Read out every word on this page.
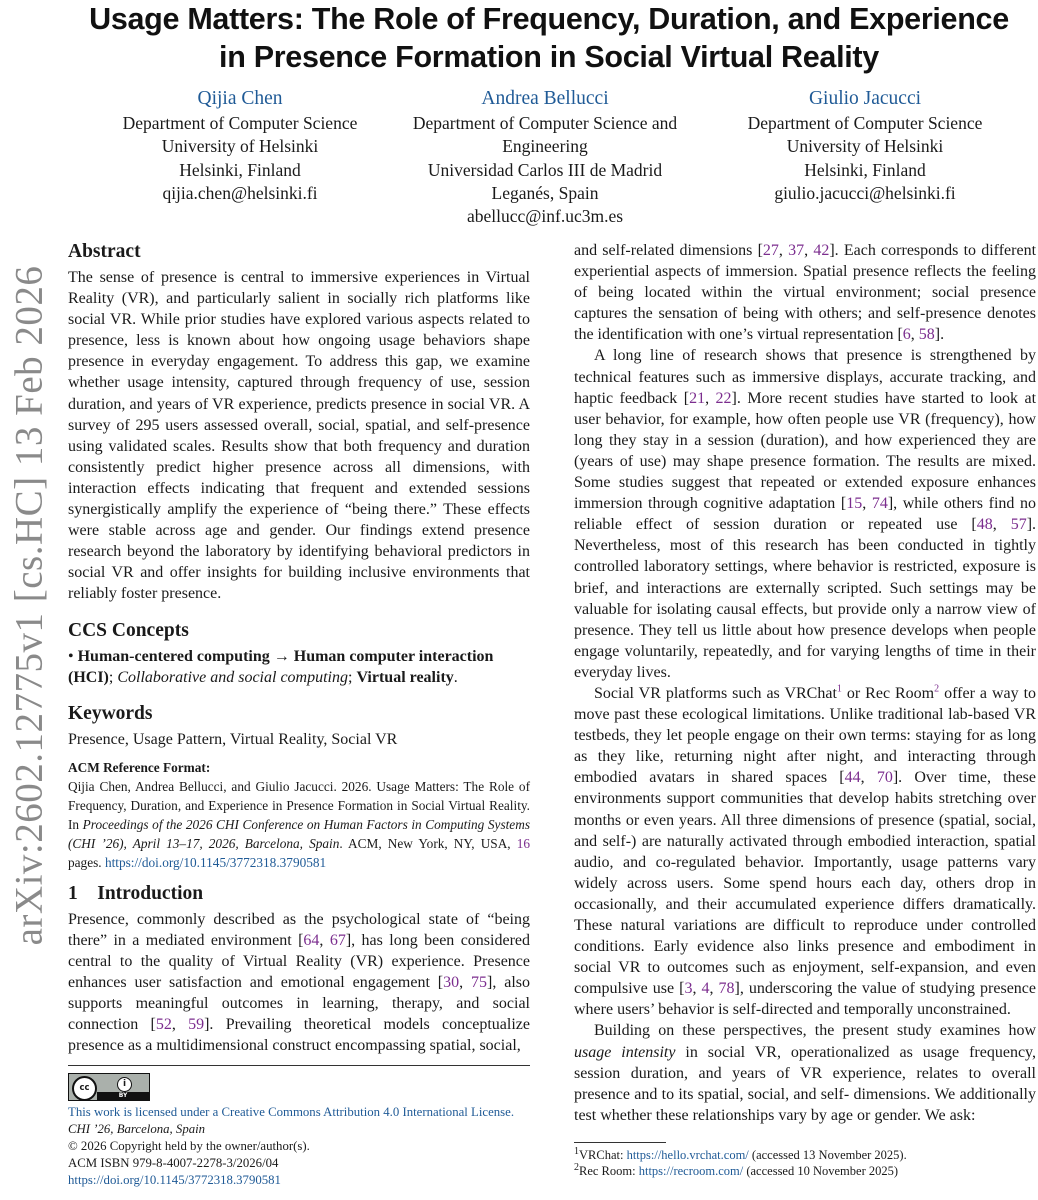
arXiv:2602.12775v1 [cs.HC] 13 Feb 2026
Usage Matters: The Role of Frequency, Duration, and Experience
in Presence Formation in Social Virtual Reality
Qijia Chen
Department of Computer Science
University of Helsinki
Helsinki, Finland
qijia.chen@helsinki.fi
Andrea Bellucci
Department of Computer Science and
Engineering
Universidad Carlos III de Madrid
Leganés, Spain
abellucc@inf.uc3m.es
Giulio Jacucci
Department of Computer Science
University of Helsinki
Helsinki, Finland
giulio.jacucci@helsinki.fi
Abstract

The sense of presence is central to immersive experiences in Virtual Reality (VR), and particularly salient in socially rich platforms like social VR. While prior studies have explored various aspects related to presence, less is known about how ongoing usage behaviors shape presence in everyday engagement. To address this gap, we examine whether usage intensity, captured through frequency of use, session duration, and years of VR experience, predicts presence in social VR. A survey of 295 users assessed overall, social, spatial, and self-presence using validated scales. Results show that both frequency and duration consistently predict higher presence across all dimensions, with interaction effects indicating that frequent and extended sessions synergistically amplify the experience of “being there.” These effects were stable across age and gender. Our findings extend presence research beyond the laboratory by identifying behavioral predictors in social VR and offer insights for building inclusive environments that reliably foster presence.

CCS Concepts

• Human-centered computing → Human computer interaction (HCI); Collaborative and social computing; Virtual reality.

Keywords

Presence, Usage Pattern, Virtual Reality, Social VR

ACM Reference Format:

Qijia Chen, Andrea Bellucci, and Giulio Jacucci. 2026. Usage Matters: The Role of Frequency, Duration, and Experience in Presence Formation in Social Virtual Reality. In Proceedings of the 2026 CHI Conference on Human Factors in Computing Systems (CHI ’26), April 13–17, 2026, Barcelona, Spain. ACM, New York, NY, USA, 16 pages. https://doi.org/10.1145/3772318.3790581

1 Introduction

Presence, commonly described as the psychological state of “being there” in a mediated environment [64, 67], has long been considered central to the quality of Virtual Reality (VR) experience. Presence enhances user satisfaction and emotional engagement [30, 75], also supports meaningful outcomes in learning, therapy, and social connection [52, 59]. Prevailing theoretical models conceptualize presence as a multidimensional construct encompassing spatial, social,

cc	i
BY
This work is licensed under a Creative Commons Attribution 4.0 International License.
CHI ’26, Barcelona, Spain
© 2026 Copyright held by the owner/author(s).
ACM ISBN 979-8-4007-2278-3/2026/04
https://doi.org/10.1145/3772318.3790581

and self-related dimensions [27, 37, 42]. Each corresponds to different experiential aspects of immersion. Spatial presence reflects the feeling of being located within the virtual environment; social presence captures the sensation of being with others; and self-presence denotes the identification with one’s virtual representation [6, 58].

A long line of research shows that presence is strengthened by technical features such as immersive displays, accurate tracking, and haptic feedback [21, 22]. More recent studies have started to look at user behavior, for example, how often people use VR (frequency), how long they stay in a session (duration), and how experienced they are (years of use) may shape presence formation. The results are mixed. Some studies suggest that repeated or extended exposure enhances immersion through cognitive adaptation [15, 74], while others find no reliable effect of session duration or repeated use [48, 57]. Nevertheless, most of this research has been conducted in tightly controlled laboratory settings, where behavior is restricted, exposure is brief, and interactions are externally scripted. Such settings may be valuable for isolating causal effects, but provide only a narrow view of presence. They tell us little about how presence develops when people engage voluntarily, repeatedly, and for varying lengths of time in their everyday lives.

Social VR platforms such as VRChat$^1$ or Rec Room$^2$ offer a way to move past these ecological limitations. Unlike traditional lab-based VR testbeds, they let people engage on their own terms: staying for as long as they like, returning night after night, and interacting through embodied avatars in shared spaces [44, 70]. Over time, these environments support communities that develop habits stretching over months or even years. All three dimensions of presence (spatial, social, and self-) are naturally activated through embodied interaction, spatial audio, and co-regulated behavior. Importantly, usage patterns vary widely across users. Some spend hours each day, others drop in occasionally, and their accumulated experience differs dramatically. These natural variations are difficult to reproduce under controlled conditions. Early evidence also links presence and embodiment in social VR to outcomes such as enjoyment, self-expansion, and even compulsive use [3, 4, 78], underscoring the value of studying presence where users’ behavior is self-directed and temporally unconstrained.

Building on these perspectives, the present study examines how usage intensity in social VR, operationalized as usage frequency, session duration, and years of VR experience, relates to overall presence and to its spatial, social, and self- dimensions. We additionally test whether these relationships vary by age or gender. We ask:

$^1$VRChat: https://hello.vrchat.com/ (accessed 13 November 2025).
$^2$Rec Room: https://recroom.com/ (accessed 10 November 2025)
